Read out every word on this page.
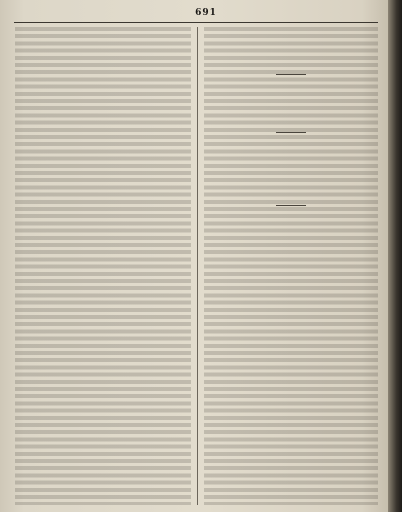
691
